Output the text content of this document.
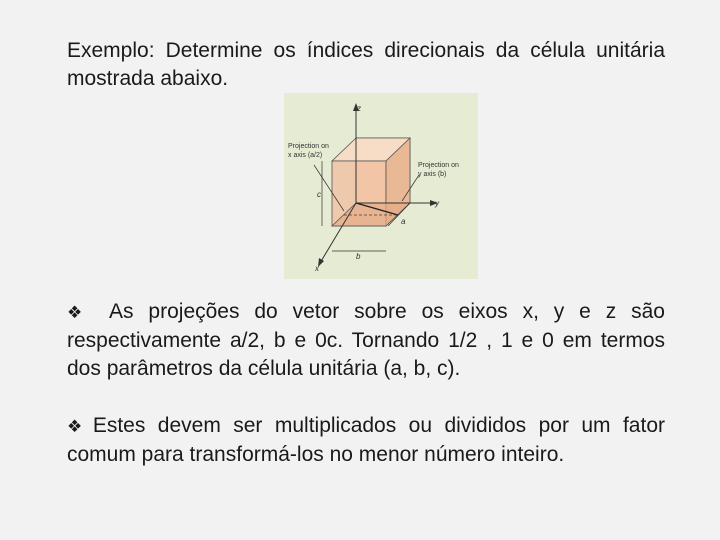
Exemplo: Determine os índices direcionais da célula unitária mostrada abaixo.

Projection on
x axis (a/2)
Projection on
y axis (b)
z
y
x
c
b
a

❖ As projeções do vetor sobre os eixos x, y e z são respectivamente a/2, b e 0c. Tornando 1/2 , 1 e 0 em termos dos parâmetros da célula unitária (a, b, c).

❖ Estes devem ser multiplicados ou divididos por um fator comum para transformá-los no menor número inteiro.
